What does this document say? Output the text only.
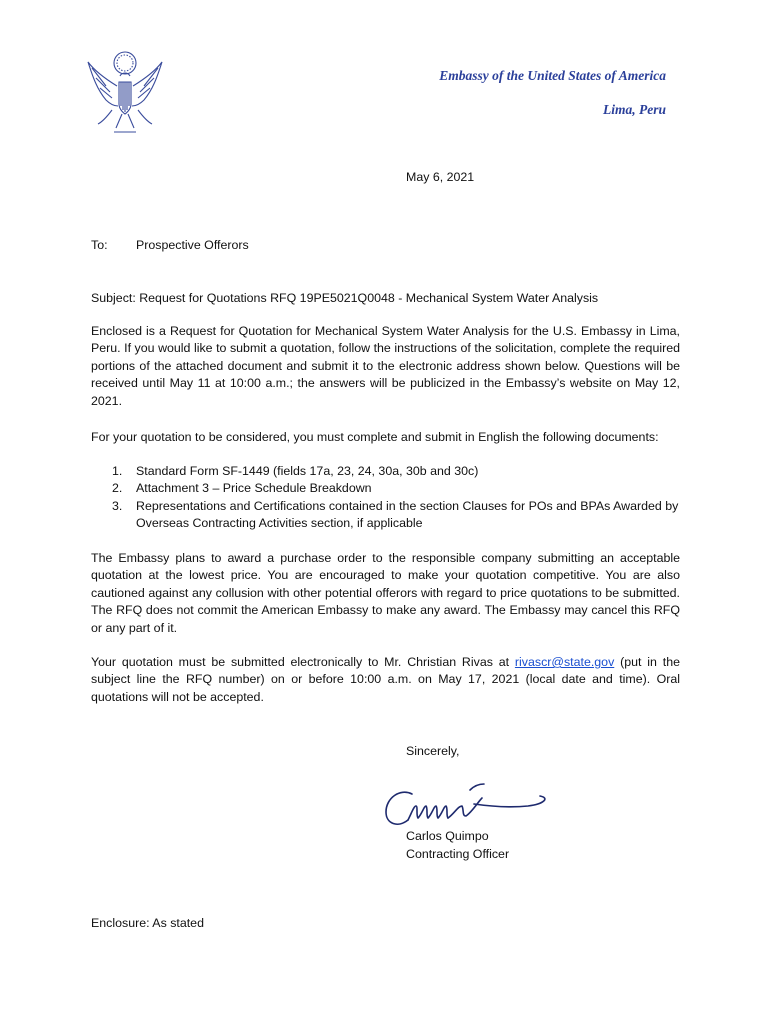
Embassy of the United States of America
Lima, Peru
May 6, 2021
To: Prospective Offerors
Subject: Request for Quotations RFQ 19PE5021Q0048 - Mechanical System Water Analysis
Enclosed is a Request for Quotation for Mechanical System Water Analysis for the U.S. Embassy in Lima, Peru. If you would like to submit a quotation, follow the instructions of the solicitation, complete the required portions of the attached document and submit it to the electronic address shown below. Questions will be received until May 11 at 10:00 a.m.; the answers will be publicized in the Embassy’s website on May 12, 2021.
For your quotation to be considered, you must complete and submit in English the following documents:
1. Standard Form SF-1449 (fields 17a, 23, 24, 30a, 30b and 30c)
2. Attachment 3 – Price Schedule Breakdown
3. Representations and Certifications contained in the section Clauses for POs and BPAs Awarded by Overseas Contracting Activities section, if applicable
The Embassy plans to award a purchase order to the responsible company submitting an acceptable quotation at the lowest price. You are encouraged to make your quotation competitive. You are also cautioned against any collusion with other potential offerors with regard to price quotations to be submitted. The RFQ does not commit the American Embassy to make any award. The Embassy may cancel this RFQ or any part of it.
Your quotation must be submitted electronically to Mr. Christian Rivas at rivascr@state.gov (put in the subject line the RFQ number) on or before 10:00 a.m. on May 17, 2021 (local date and time). Oral quotations will not be accepted.
Sincerely,
Carlos Quimpo
Contracting Officer
Enclosure: As stated
